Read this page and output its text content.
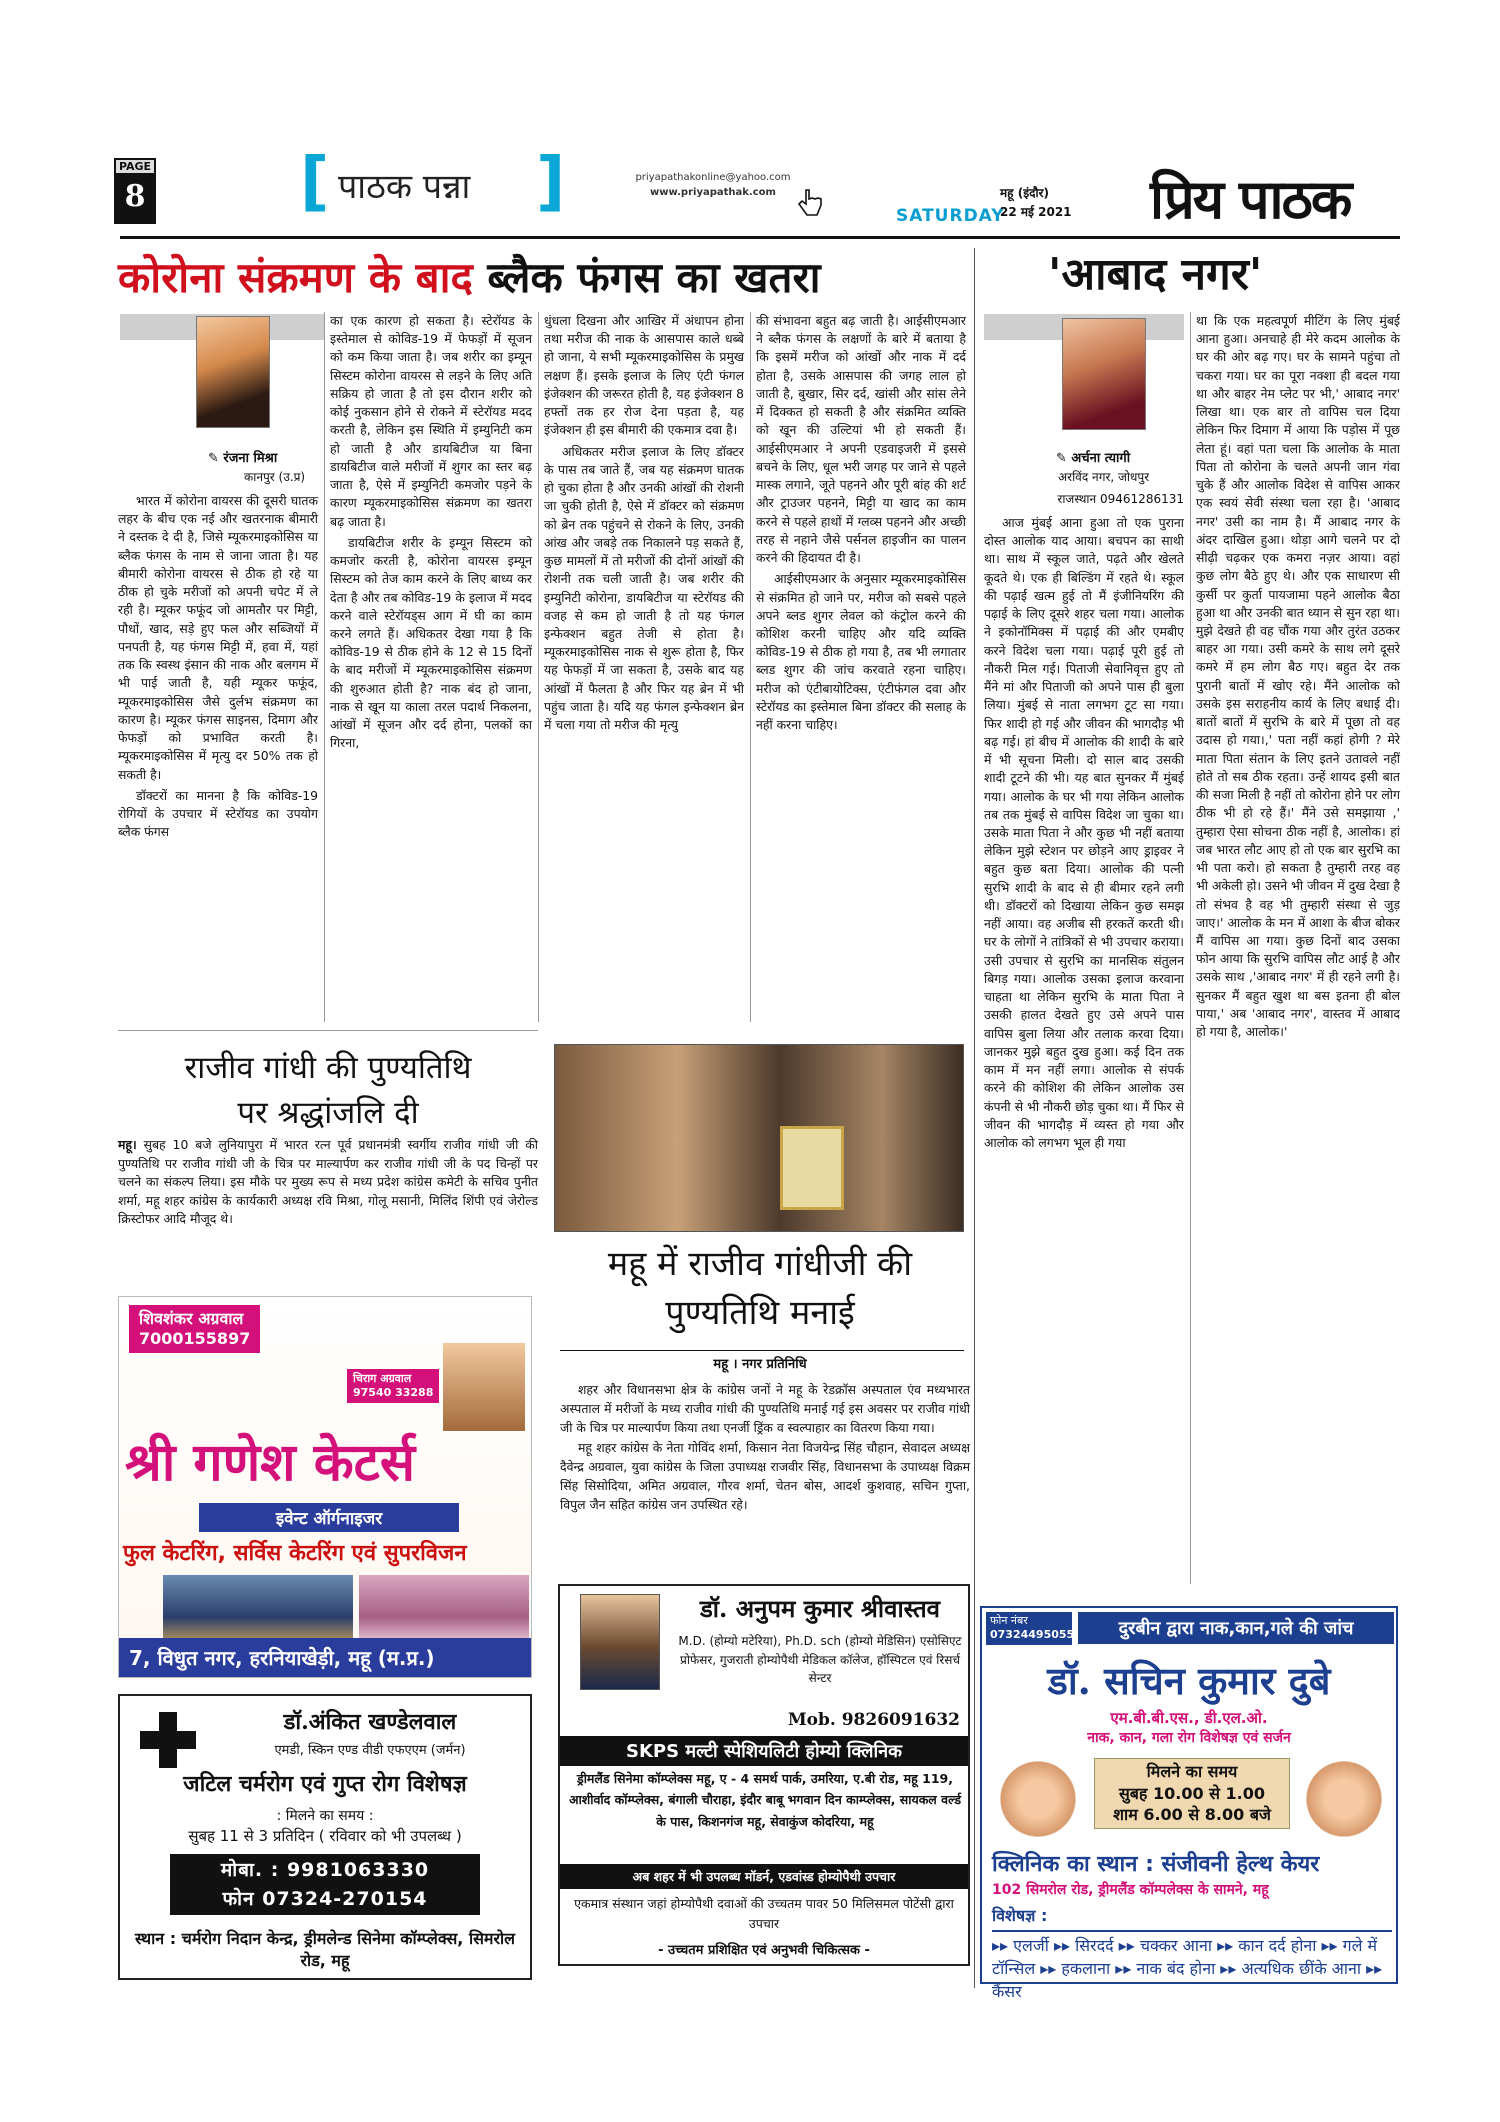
PAGE
8 [ पाठक पन्ना ]	priyapathakonline@yahoo.com
www.priyapathak.com
SATURDAY
महू (इंदौर)
22 मई 2021 प्रिय पाठक
कोरोना संक्रमण के बाद ब्लैक फंगस का खतरा
✎ रंजना मिश्रा
कानपुर (उ.प्र)

भारत में कोरोना वायरस की दूसरी घातक लहर के बीच एक नई और खतरनाक बीमारी ने दस्तक दे दी है, जिसे म्यूकरमाइकोसिस या ब्लैक फंगस के नाम से जाना जाता है। यह बीमारी कोरोना वायरस से ठीक हो रहे या ठीक हो चुके मरीजों को अपनी चपेट में ले रही है। म्यूकर फफूंद जो आमतौर पर मिट्टी, पौधों, खाद, सड़े हुए फल और सब्जियों में पनपती है, यह फंगस मिट्टी में, हवा में, यहां तक कि स्वस्थ इंसान की नाक और बलगम में भी पाई जाती है, यही म्यूकर फफूंद, म्यूकरमाइकोसिस जैसे दुर्लभ संक्रमण का कारण है। म्यूकर फंगस साइनस, दिमाग और फेफड़ों को प्रभावित करती है। म्यूकरमाइकोसिस में मृत्यु दर 50% तक हो सकती है।

डॉक्टरों का मानना है कि कोविड-19 रोगियों के उपचार में स्टेरॉयड का उपयोग ब्लैक फंगस

का एक कारण हो सकता है। स्टेरॉयड के इस्तेमाल से कोविड-19 में फेफड़ों में सूजन को कम किया जाता है। जब शरीर का इम्यून सिस्टम कोरोना वायरस से लड़ने के लिए अति सक्रिय हो जाता है तो इस दौरान शरीर को कोई नुकसान होने से रोकने में स्टेरॉयड मदद करती है, लेकिन इस स्थिति में इम्युनिटी कम हो जाती है और डायबिटीज या बिना डायबिटीज वाले मरीजों में शुगर का स्तर बढ़ जाता है, ऐसे में इम्युनिटी कमजोर पड़ने के कारण म्यूकरमाइकोसिस संक्रमण का खतरा बढ़ जाता है।

डायबिटीज शरीर के इम्यून सिस्टम को कमजोर करती है, कोरोना वायरस इम्यून सिस्टम को तेज काम करने के लिए बाध्य कर देता है और तब कोविड-19 के इलाज में मदद करने वाले स्टेरॉयड्स आग में घी का काम करने लगते हैं। अधिकतर देखा गया है कि कोविड-19 से ठीक होने के 12 से 15 दिनों के बाद मरीजों में म्यूकरमाइकोसिस संक्रमण की शुरुआत होती है? नाक बंद हो जाना, नाक से खून या काला तरल पदार्थ निकलना, आंखों में सूजन और दर्द होना, पलकों का गिरना,

धुंधला दिखना और आखिर में अंधापन होना तथा मरीज की नाक के आसपास काले धब्बे हो जाना, ये सभी म्यूकरमाइकोसिस के प्रमुख लक्षण हैं। इसके इलाज के लिए एंटी फंगल इंजेक्शन की जरूरत होती है, यह इंजेक्शन 8 हफ्तों तक हर रोज देना पड़ता है, यह इंजेक्शन ही इस बीमारी की एकमात्र दवा है।

अधिकतर मरीज इलाज के लिए डॉक्टर के पास तब जाते हैं, जब यह संक्रमण घातक हो चुका होता है और उनकी आंखों की रोशनी जा चुकी होती है, ऐसे में डॉक्टर को संक्रमण को ब्रेन तक पहुंचने से रोकने के लिए, उनकी आंख और जबड़े तक निकालने पड़ सकते हैं, कुछ मामलों में तो मरीजों की दोनों आंखों की रोशनी तक चली जाती है। जब शरीर की इम्युनिटी कोरोना, डायबिटीज या स्टेरॉयड की वजह से कम हो जाती है तो यह फंगल इन्फेक्शन बहुत तेजी से होता है। म्यूकरमाइकोसिस नाक से शुरू होता है, फिर यह फेफड़ों में जा सकता है, उसके बाद यह आंखों में फैलता है और फिर यह ब्रेन में भी पहुंच जाता है। यदि यह फंगल इन्फेक्शन ब्रेन में चला गया तो मरीज की मृत्यु

की संभावना बहुत बढ़ जाती है। आईसीएमआर ने ब्लैक फंगस के लक्षणों के बारे में बताया है कि इसमें मरीज को आंखों और नाक में दर्द होता है, उसके आसपास की जगह लाल हो जाती है, बुखार, सिर दर्द, खांसी और सांस लेने में दिक्कत हो सकती है और संक्रमित व्यक्ति को खून की उल्टियां भी हो सकती हैं। आईसीएमआर ने अपनी एडवाइजरी में इससे बचने के लिए, धूल भरी जगह पर जाने से पहले मास्क लगाने, जूते पहनने और पूरी बांह की शर्ट और ट्राउजर पहनने, मिट्टी या खाद का काम करने से पहले हाथों में ग्लव्स पहनने और अच्छी तरह से नहाने जैसे पर्सनल हाइजीन का पालन करने की हिदायत दी है।

आईसीएमआर के अनुसार म्यूकरमाइकोसिस से संक्रमित हो जाने पर, मरीज को सबसे पहले अपने ब्लड शुगर लेवल को कंट्रोल करने की कोशिश करनी चाहिए और यदि व्यक्ति कोविड-19 से ठीक हो गया है, तब भी लगातार ब्लड शुगर की जांच करवाते रहना चाहिए। मरीज को एंटीबायोटिक्स, एंटीफंगल दवा और स्टेरॉयड का इस्तेमाल बिना डॉक्टर की सलाह के नहीं करना चाहिए।

'आबाद नगर'
✎ अर्चना त्यागी
अरविंद नगर, जोधपुर
राजस्थान 09461286131

आज मुंबई आना हुआ तो एक पुराना दोस्त आलोक याद आया। बचपन का साथी था। साथ में स्कूल जाते, पढ़ते और खेलते कूदते थे। एक ही बिल्डिंग में रहते थे। स्कूल की पढ़ाई खत्म हुई तो मैं इंजीनियरिंग की पढ़ाई के लिए दूसरे शहर चला गया। आलोक ने इकोनॉमिक्स में पढ़ाई की और एमबीए करने विदेश चला गया। पढ़ाई पूरी हुई तो नौकरी मिल गई। पिताजी सेवानिवृत्त हुए तो मैंने मां और पिताजी को अपने पास ही बुला लिया। मुंबई से नाता लगभग टूट सा गया। फिर शादी हो गई और जीवन की भागदौड़ भी बढ़ गई। हां बीच में आलोक की शादी के बारे में भी सूचना मिली। दो साल बाद उसकी शादी टूटने की भी। यह बात सुनकर मैं मुंबई गया। आलोक के घर भी गया लेकिन आलोक तब तक मुंबई से वापिस विदेश जा चुका था। उसके माता पिता ने और कुछ भी नहीं बताया लेकिन मुझे स्टेशन पर छोड़ने आए ड्राइवर ने बहुत कुछ बता दिया। आलोक की पत्नी सुरभि शादी के बाद से ही बीमार रहने लगी थी। डॉक्टरों को दिखाया लेकिन कुछ समझ नहीं आया। वह अजीब सी हरकतें करती थी। घर के लोगों ने तांत्रिकों से भी उपचार कराया। उसी उपचार से सुरभि का मानसिक संतुलन बिगड़ गया। आलोक उसका इलाज करवाना चाहता था लेकिन सुरभि के माता पिता ने उसकी हालत देखते हुए उसे अपने पास वापिस बुला लिया और तलाक करवा दिया। जानकर मुझे बहुत दुख हुआ। कई दिन तक काम में मन नहीं लगा। आलोक से संपर्क करने की कोशिश की लेकिन आलोक उस कंपनी से भी नौकरी छोड़ चुका था। मैं फिर से जीवन की भागदौड़ में व्यस्त हो गया और आलोक को लगभग भूल ही गया

था कि एक महत्वपूर्ण मीटिंग के लिए मुंबई आना हुआ। अनचाहे ही मेरे कदम आलोक के घर की ओर बढ़ गए। घर के सामने पहुंचा तो चकरा गया। घर का पूरा नक्शा ही बदल गया था और बाहर नेम प्लेट पर भी,' आबाद नगर' लिखा था। एक बार तो वापिस चल दिया लेकिन फिर दिमाग में आया कि पड़ोस में पूछ लेता हूं। वहां पता चला कि आलोक के माता पिता तो कोरोना के चलते अपनी जान गंवा चुके हैं और आलोक विदेश से वापिस आकर एक स्वयं सेवी संस्था चला रहा है। 'आबाद नगर' उसी का नाम है। मैं आबाद नगर के अंदर दाखिल हुआ। थोड़ा आगे चलने पर दो सीढ़ी चढ़कर एक कमरा नज़र आया। वहां कुछ लोग बैठे हुए थे। और एक साधारण सी कुर्सी पर कुर्ता पायजामा पहने आलोक बैठा हुआ था और उनकी बात ध्यान से सुन रहा था। मुझे देखते ही वह चौंक गया और तुरंत उठकर बाहर आ गया। उसी कमरे के साथ लगे दूसरे कमरे में हम लोग बैठ गए। बहुत देर तक पुरानी बातों में खोए रहे। मैंने आलोक को उसके इस सराहनीय कार्य के लिए बधाई दी। बातों बातों में सुरभि के बारे में पूछा तो वह उदास हो गया।,' पता नहीं कहां होगी ? मेरे माता पिता संतान के लिए इतने उतावले नहीं होते तो सब ठीक रहता। उन्हें शायद इसी बात की सजा मिली है नहीं तो कोरोना होने पर लोग ठीक भी हो रहे हैं।' मैंने उसे समझाया ,' तुम्हारा ऐसा सोचना ठीक नहीं है, आलोक। हां जब भारत लौट आए हो तो एक बार सुरभि का भी पता करो। हो सकता है तुम्हारी तरह वह भी अकेली हो। उसने भी जीवन में दुख देखा है तो संभव है वह भी तुम्हारी संस्था से जुड़ जाए।' आलोक के मन में आशा के बीज बोकर मैं वापिस आ गया। कुछ दिनों बाद उसका फोन आया कि सुरभि वापिस लौट आई है और उसके साथ ,'आबाद नगर' में ही रहने लगी है। सुनकर मैं बहुत खुश था बस इतना ही बोल पाया,' अब 'आबाद नगर', वास्तव में आबाद हो गया है, आलोक।'

राजीव गांधी की पुण्यतिथि
पर श्रद्धांजलि दी
महू। सुबह 10 बजे लुनियापुरा में भारत रत्न पूर्व प्रधानमंत्री स्वर्गीय राजीव गांधी जी की पुण्यतिथि पर राजीव गांधी जी के चित्र पर माल्यार्पण कर राजीव गांधी जी के पद चिन्हों पर चलने का संकल्प लिया। इस मौके पर मुख्य रूप से मध्य प्रदेश कांग्रेस कमेटी के सचिव पुनीत शर्मा, महू शहर कांग्रेस के कार्यकारी अध्यक्ष रवि मिश्रा, गोलू मसानी, मिलिंद शिंपी एवं जेरोल्ड क्रिस्टोफर आदि मौजूद थे।
महू में राजीव गांधीजी की
पुण्यतिथि मनाई
महू । नगर प्रतिनिधि

शहर और विधानसभा क्षेत्र के कांग्रेस जनों ने महू के रेडक्रॉस अस्पताल एंव मध्यभारत अस्पताल में मरीजों के मध्य राजीव गांधी की पुण्यतिथि मनाई गई इस अवसर पर राजीव गांधी जी के चित्र पर माल्यार्पण किया तथा एनर्जी ड्रिंक व स्वल्पाहार का वितरण किया गया।

महू शहर कांग्रेस के नेता गोविंद शर्मा, किसान नेता विजयेन्द्र सिंह चौहान, सेवादल अध्यक्ष दैवेन्द्र अग्रवाल, युवा कांग्रेस के जिला उपाध्यक्ष राजवीर सिंह, विधानसभा के उपाध्यक्ष विक्रम सिंह सिसोदिया, अमित अग्रवाल, गौरव शर्मा, चेतन बोस, आदर्श कुशवाह, सचिन गुप्ता, विपुल जैन सहित कांग्रेस जन उपस्थित रहे।

शिवशंकर अग्रवाल
7000155897
चिराग अग्रवाल
97540 33288
श्री गणेश केटर्स
इवेन्ट ऑर्गनाइजर
फुल केटरिंग, सर्विस केटरिंग एवं सुपरविजन
7, विधुत नगर, हरनियाखेड़ी, महू (म.प्र.)
डॉ.अंकित खण्डेलवाल
एमडी, स्किन एण्ड वीडी एफएएम (जर्मन)
जटिल चर्मरोग एवं गुप्त रोग विशेषज्ञ
: मिलने का समय :
सुबह 11 से 3 प्रतिदिन ( रविवार को भी उपलब्ध )
मोबा. : 9981063330
फोन 07324-270154
स्थान : चर्मरोग निदान केन्द्र, ड्रीमलेन्ड सिनेमा कॉम्प्लेक्स, सिमरोल रोड, महू
डॉ. अनुपम कुमार श्रीवास्तव
M.D. (होम्यो मटेरिया), Ph.D. sch (होम्यो मेडिसिन) एसोसिएट प्रोफेसर, गुजराती होम्योपैथी मेडिकल कॉलेज, हॉस्पिटल एवं रिसर्च सेन्टर
Mob. 9826091632
SKPS मल्टी स्पेशियलिटी होम्यो क्लिनिक
ड्रीमलैंड सिनेमा कॉम्प्लेक्स महू, ए - 4 समर्थ पार्क, उमरिया, ए.बी रोड, महू 119, आशीर्वाद कॉम्प्लेक्स, बंगाली चौराहा, इंदौर बाबू भगवान दिन काम्प्लेक्स, सायकल वर्ल्ड के पास, किशनगंज महू, सेवाकुंज कोदरिया, महू
अब शहर में भी उपलब्ध मॉडर्न, एडवांस्ड होम्योपैथी उपचार
एकमात्र संस्थान जहां होम्योपैथी दवाओं की उच्चतम पावर 50 मिलिसमल पोटेंसी द्वारा उपचार
- उच्चतम प्रशिक्षित एवं अनुभवी चिकित्सक -
फोन नंबर
07324495055	दुरबीन द्वारा नाक,कान,गले की जांच
डॉ. सचिन कुमार दुबे
एम.बी.बी.एस., डी.एल.ओ.
नाक, कान, गला रोग विशेषज्ञ एवं सर्जन
मिलने का समय
सुबह 10.00 से 1.00
शाम 6.00 से 8.00 बजे
क्लिनिक का स्थान : संजीवनी हेल्थ केयर
102 सिमरोल रोड, ड्रीमलैंड कॉम्पलेक्स के सामने, महू
विशेषज्ञ :
▸▸ एलर्जी ▸▸ सिरदर्द ▸▸ चक्कर आना ▸▸ कान दर्द होना ▸▸ गले में टॉन्सिल ▸▸ हकलाना ▸▸ नाक बंद होना ▸▸ अत्यधिक छींके आना ▸▸ कैंसर
